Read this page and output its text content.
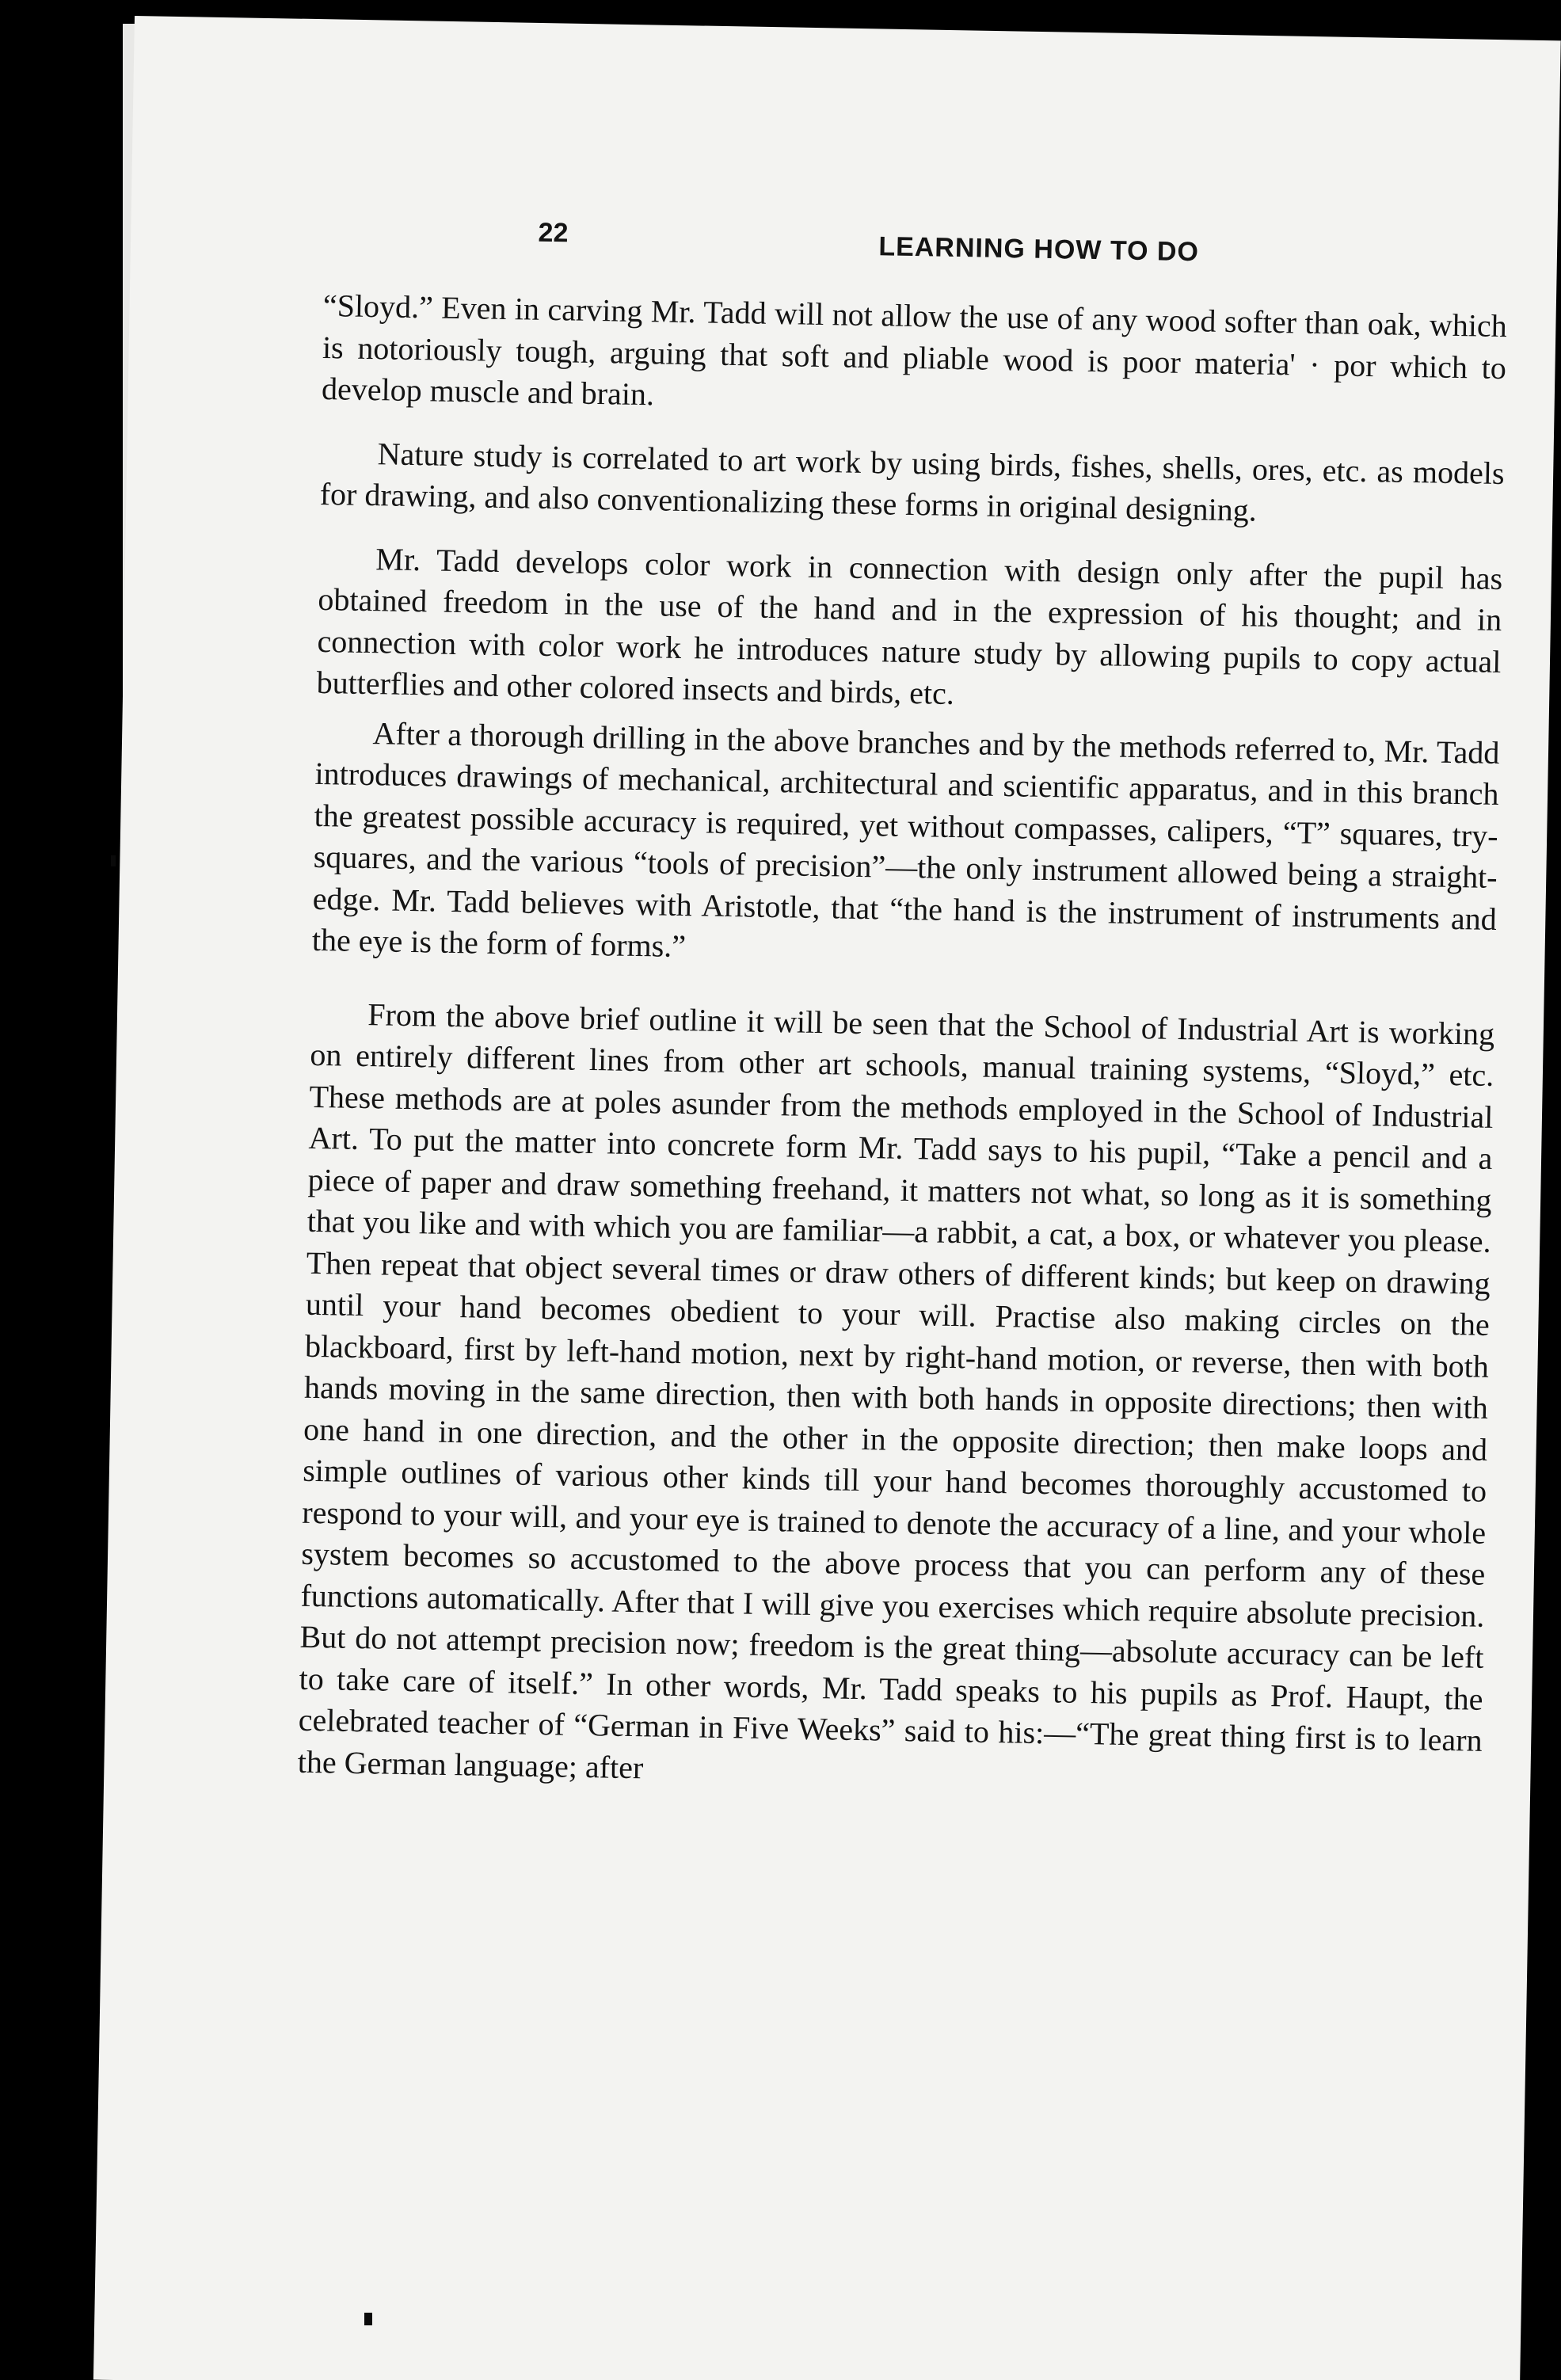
22	LEARNING HOW TO DO

“Sloyd.” Even in carving Mr. Tadd will not allow the use of any wood softer than oak, which is notoriously tough, arguing that soft and pliable wood is poor materia' · por which to develop muscle and brain.

Nature study is correlated to art work by using birds, fishes, shells, ores, etc. as models for drawing, and also conventionalizing these forms in original designing.

Mr. Tadd develops color work in connection with design only after the pupil has obtained freedom in the use of the hand and in the expression of his thought; and in connection with color work he introduces nature study by allowing pupils to copy actual butterflies and other colored insects and birds, etc.

After a thorough drilling in the above branches and by the methods referred to, Mr. Tadd introduces drawings of mechanical, architectural and scientific apparatus, and in this branch the greatest possible accuracy is required, yet without compasses, calipers, “T” squares, try-squares, and the various “tools of precision”—the only instrument allowed being a straight-edge. Mr. Tadd believes with Aristotle, that “the hand is the instrument of instruments and the eye is the form of forms.”

From the above brief outline it will be seen that the School of Industrial Art is working on entirely different lines from other art schools, manual training systems, “Sloyd,” etc. These methods are at poles asunder from the methods employed in the School of Industrial Art. To put the matter into concrete form Mr. Tadd says to his pupil, “Take a pencil and a piece of paper and draw something freehand, it matters not what, so long as it is something that you like and with which you are familiar—a rabbit, a cat, a box, or whatever you please. Then repeat that object several times or draw others of different kinds; but keep on drawing until your hand becomes obedient to your will. Practise also making circles on the blackboard, first by left-hand motion, next by right-hand motion, or reverse, then with both hands moving in the same direction, then with both hands in opposite directions; then with one hand in one direction, and the other in the opposite direction; then make loops and simple outlines of various other kinds till your hand becomes thoroughly accustomed to respond to your will, and your eye is trained to denote the accuracy of a line, and your whole system becomes so accustomed to the above process that you can perform any of these functions automatically. After that I will give you exercises which require absolute precision. But do not attempt precision now; freedom is the great thing—absolute accuracy can be left to take care of itself.” In other words, Mr. Tadd speaks to his pupils as Prof. Haupt, the celebrated teacher of “German in Five Weeks” said to his:—“The great thing first is to learn the German language; after
